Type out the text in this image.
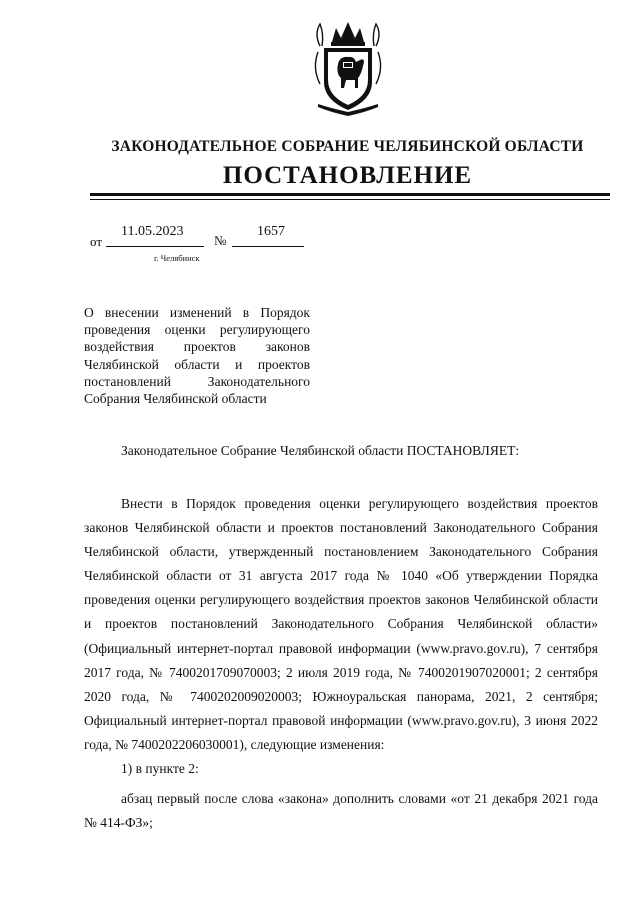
ЗАКОНОДАТЕЛЬНОЕ СОБРАНИЕ ЧЕЛЯБИНСКОЙ ОБЛАСТИ
ПОСТАНОВЛЕНИЕ
от
11.05.2023
№
1657
г. Челябинск
О внесении изменений в Порядок проведения оценки регулирующего воздействия проектов законов Челябинской области и проектов постановлений Законодательного Собрания Челябинской области
Законодательное Собрание Челябинской области ПОСТАНОВЛЯЕТ:
Внести в Порядок проведения оценки регулирующего воздействия проектов законов Челябинской области и проектов постановлений Законодательного Собрания Челябинской области, утвержденный постановлением Законодательного Собрания Челябинской области от 31 августа 2017 года № 1040 «Об утверждении Порядка проведения оценки регулирующего воздействия проектов законов Челябинской области и проектов постановлений Законодательного Собрания Челябинской области» (Официальный интернет-портал правовой информации (www.pravo.gov.ru), 7 сентября 2017 года, № 7400201709070003; 2 июля 2019 года, № 7400201907020001; 2 сентября 2020 года, № 7400202009020003; Южноуральская панорама, 2021, 2 сентября; Официальный интернет-портал правовой информации (www.pravo.gov.ru), 3 июня 2022 года, № 7400202206030001), следующие изменения:
1) в пункте 2:
абзац первый после слова «закона» дополнить словами «от 21 декабря 2021 года № 414-ФЗ»;
